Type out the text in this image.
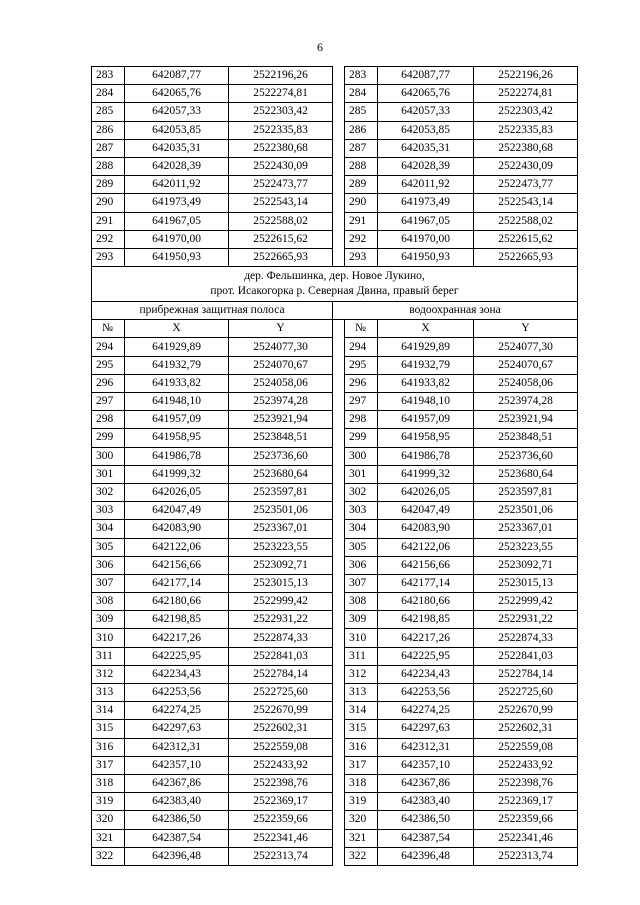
6
283	642087,77	2522196,26		283	642087,77	2522196,26
284	642065,76	2522274,81		284	642065,76	2522274,81
285	642057,33	2522303,42		285	642057,33	2522303,42
286	642053,85	2522335,83		286	642053,85	2522335,83
287	642035,31	2522380,68		287	642035,31	2522380,68
288	642028,39	2522430,09		288	642028,39	2522430,09
289	642011,92	2522473,77		289	642011,92	2522473,77
290	641973,49	2522543,14		290	641973,49	2522543,14
291	641967,05	2522588,02		291	641967,05	2522588,02
292	641970,00	2522615,62		292	641970,00	2522615,62
293	641950,93	2522665,93		293	641950,93	2522665,93

дер. Фельшинка, дер. Новое Лукино,
прот. Исакогорка р. Северная Двина, правый берег						

прибрежная защитная полоса			водоохранная зона			
№	X	Y		№	X	Y
294	641929,89	2524077,30		294	641929,89	2524077,30
295	641932,79	2524070,67		295	641932,79	2524070,67
296	641933,82	2524058,06		296	641933,82	2524058,06
297	641948,10	2523974,28		297	641948,10	2523974,28
298	641957,09	2523921,94		298	641957,09	2523921,94
299	641958,95	2523848,51		299	641958,95	2523848,51
300	641986,78	2523736,60		300	641986,78	2523736,60
301	641999,32	2523680,64		301	641999,32	2523680,64
302	642026,05	2523597,81		302	642026,05	2523597,81
303	642047,49	2523501,06		303	642047,49	2523501,06
304	642083,90	2523367,01		304	642083,90	2523367,01
305	642122,06	2523223,55		305	642122,06	2523223,55
306	642156,66	2523092,71		306	642156,66	2523092,71
307	642177,14	2523015,13		307	642177,14	2523015,13
308	642180,66	2522999,42		308	642180,66	2522999,42
309	642198,85	2522931,22		309	642198,85	2522931,22
310	642217,26	2522874,33		310	642217,26	2522874,33
311	642225,95	2522841,03		311	642225,95	2522841,03
312	642234,43	2522784,14		312	642234,43	2522784,14
313	642253,56	2522725,60		313	642253,56	2522725,60
314	642274,25	2522670,99		314	642274,25	2522670,99
315	642297,63	2522602,31		315	642297,63	2522602,31
316	642312,31	2522559,08		316	642312,31	2522559,08
317	642357,10	2522433,92		317	642357,10	2522433,92
318	642367,86	2522398,76		318	642367,86	2522398,76
319	642383,40	2522369,17		319	642383,40	2522369,17
320	642386,50	2522359,66		320	642386,50	2522359,66
321	642387,54	2522341,46		321	642387,54	2522341,46
322	642396,48	2522313,74		322	642396,48	2522313,74
